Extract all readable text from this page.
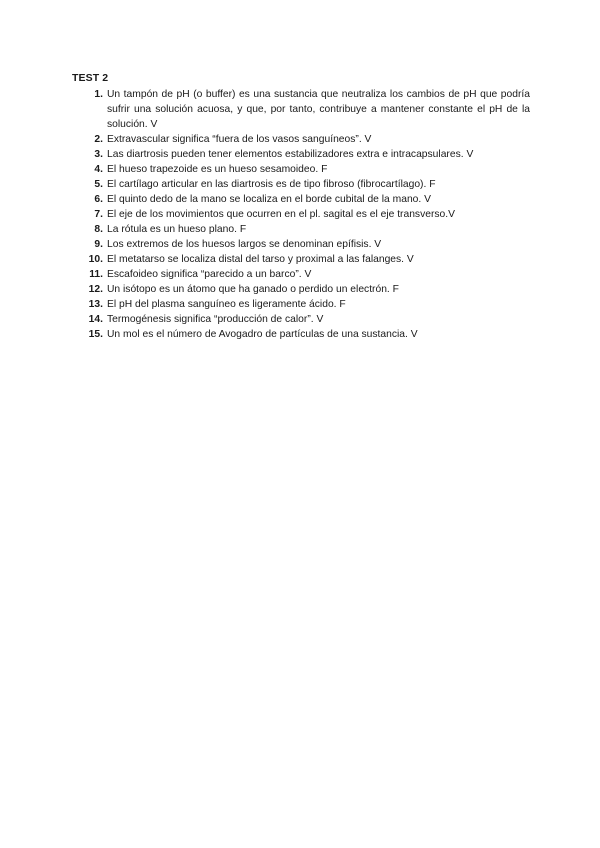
TEST 2
1. Un tampón de pH (o buffer) es una sustancia que neutraliza los cambios de pH que podría sufrir una solución acuosa, y que, por tanto, contribuye a mantener constante el pH de la solución. V
2. Extravascular significa “fuera de los vasos sanguíneos”. V
3. Las diartrosis pueden tener elementos estabilizadores extra e intracapsulares. V
4. El hueso trapezoide es un hueso sesamoideo. F
5. El cartílago articular en las diartrosis es de tipo fibroso (fibrocartílago). F
6. El quinto dedo de la mano se localiza en el borde cubital de la mano. V
7. El eje de los movimientos que ocurren en el pl. sagital es el eje transverso.V
8. La rótula es un hueso plano. F
9. Los extremos de los huesos largos se denominan epífisis. V
10. El metatarso se localiza distal del tarso y proximal a las falanges. V
11. Escafoideo significa “parecido a un barco”. V
12. Un isótopo es un átomo que ha ganado o perdido un electrón. F
13. El pH del plasma sanguíneo es ligeramente ácido. F
14. Termogénesis significa “producción de calor”. V
15. Un mol es el número de Avogadro de partículas de una sustancia. V
